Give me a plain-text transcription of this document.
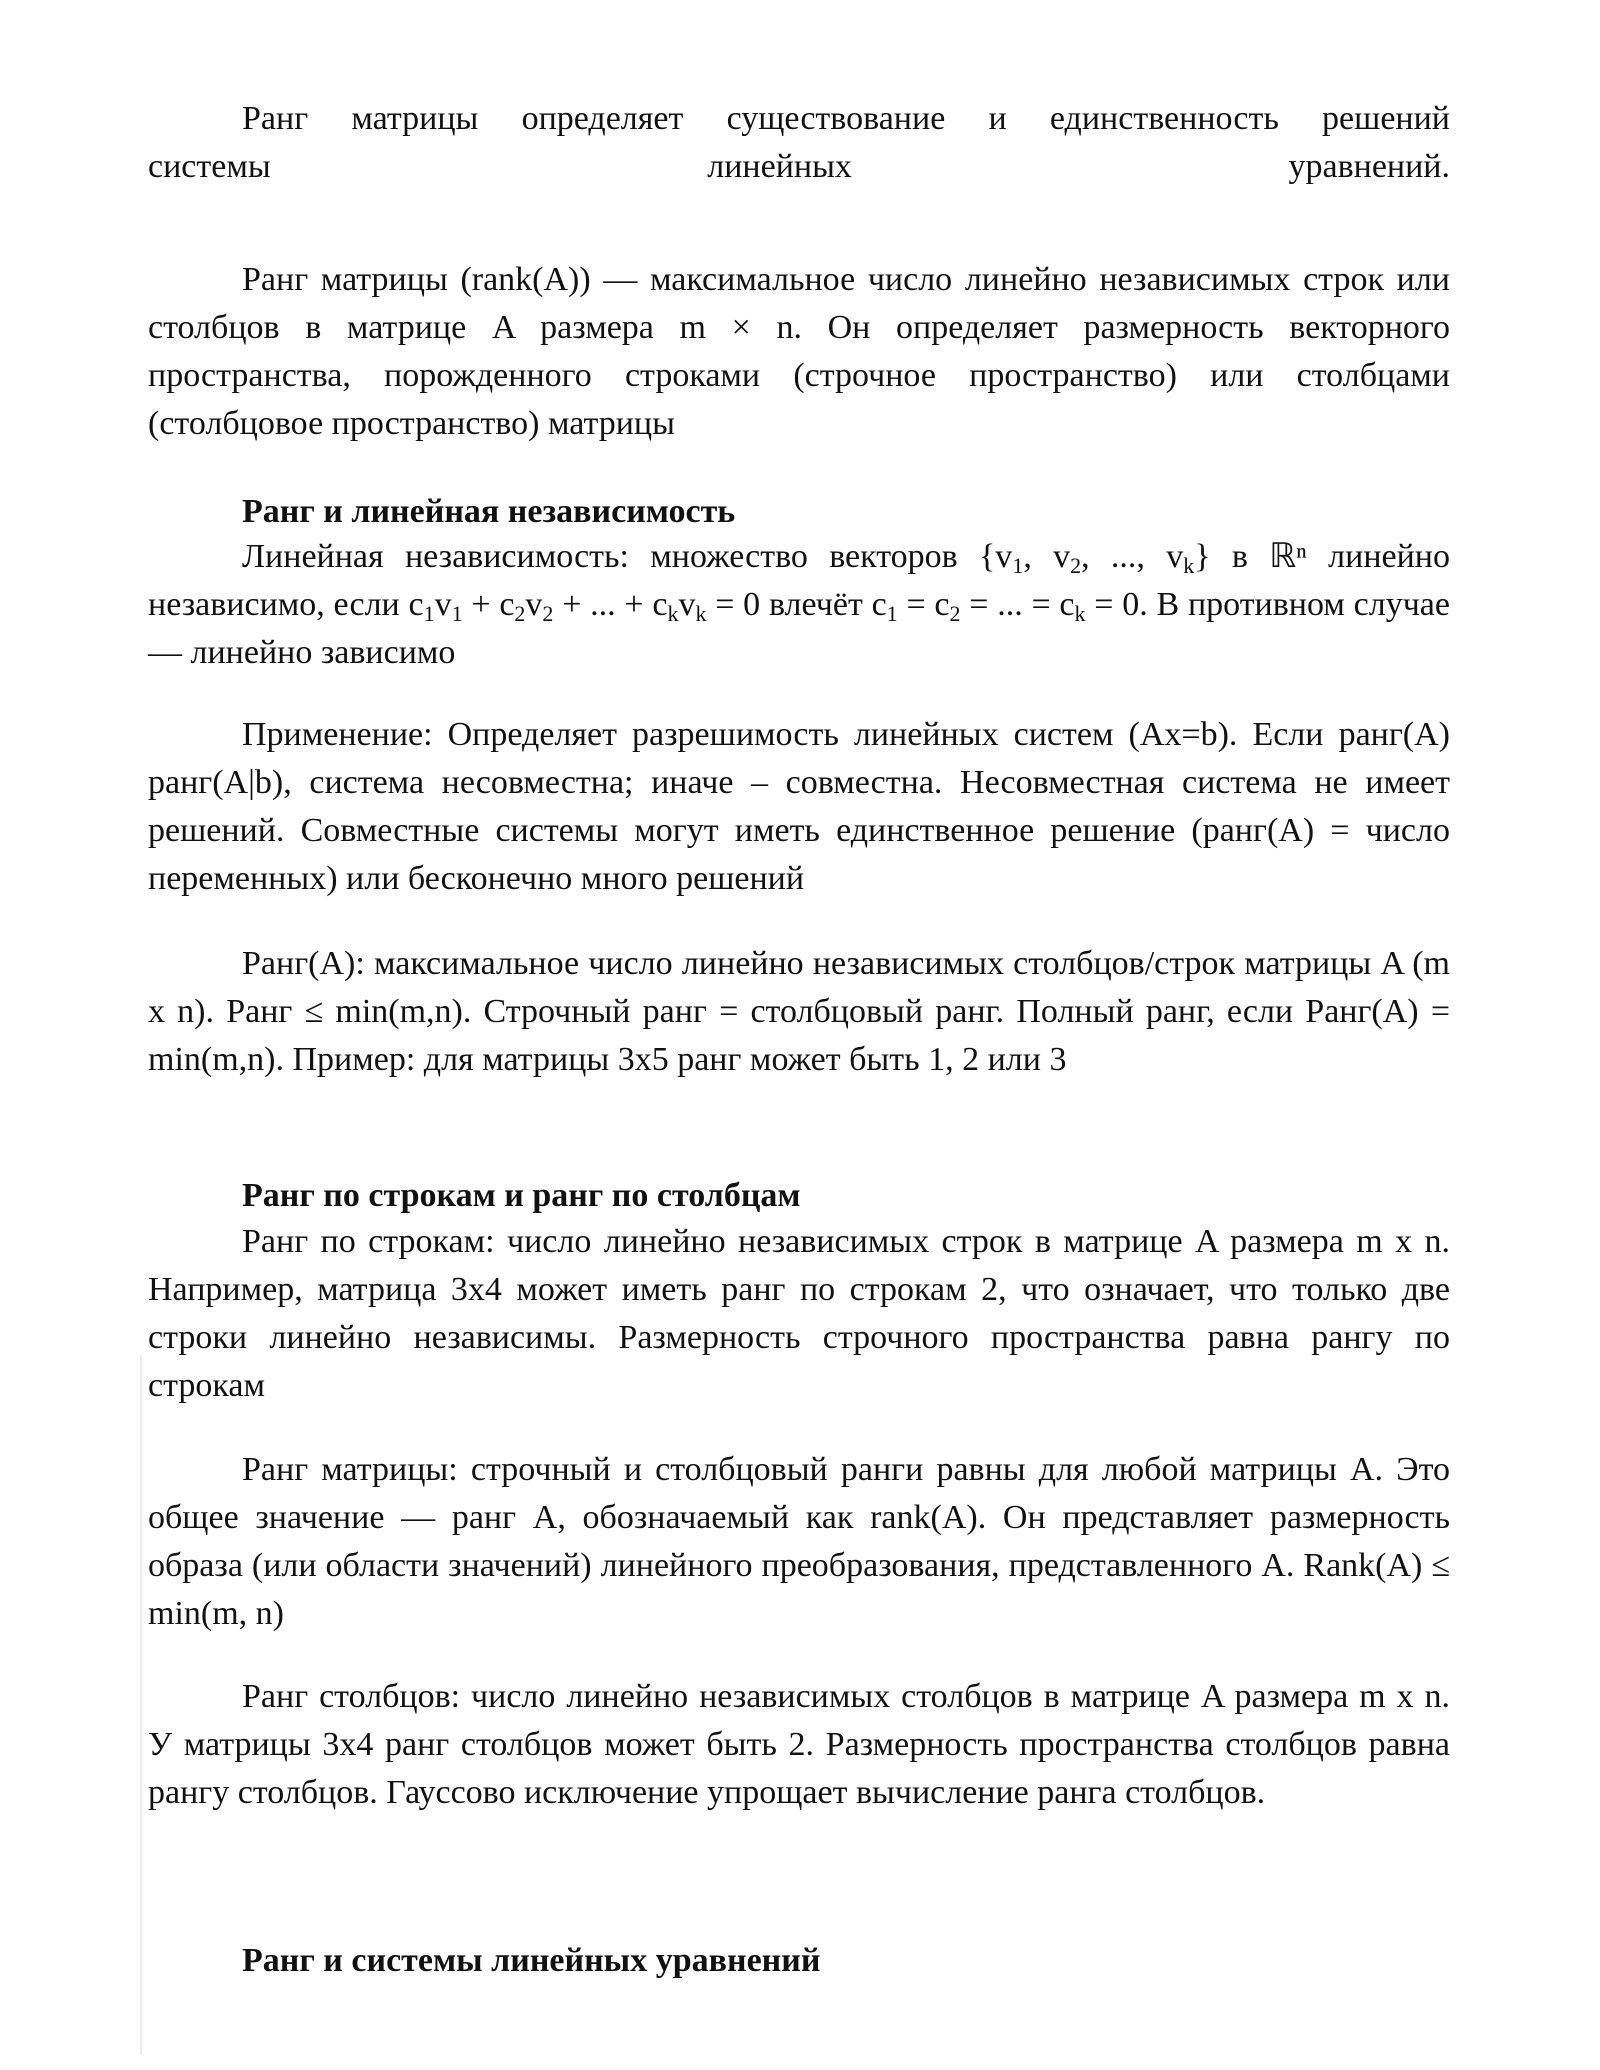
Ранг матрицы определяет существование и единственность решений
системы линейных уравнений.

Ранг матрицы (rank(A)) — максимальное число линейно независимых строк или столбцов в матрице A размера m × n. Он определяет размерность векторного пространства, порожденного строками (строчное пространство) или столбцами (столбцовое пространство) матрицы

Ранг и линейная независимость

Линейная независимость: множество векторов {$v_1$, $v_2$, ..., $v_k$} в ℝⁿ линейно независимо, если $c_1v_1 + c_2v_2$ + ... + $c_kv_k = 0$ влечёт $c_1 = c_2$ = ... = $c_k = 0$. В противном случае — линейно зависимо

Применение: Определяет разрешимость линейных систем (Ax=b). Если ранг(A) ранг(A|b), система несовместна; иначе – совместна. Несовместная система не имеет решений. Совместные системы могут иметь единственное решение (ранг(A) = число переменных) или бесконечно много решений

Ранг(A): максимальное число линейно независимых столбцов/строк матрицы A (m x n). Ранг ≤ min(m,n). Строчный ранг = столбцовый ранг. Полный ранг, если Ранг(A) = min(m,n). Пример: для матрицы 3x5 ранг может быть 1, 2 или 3

Ранг по строкам и ранг по столбцам

Ранг по строкам: число линейно независимых строк в матрице A размера m x n. Например, матрица 3x4 может иметь ранг по строкам 2, что означает, что только две строки линейно независимы. Размерность строчного пространства равна рангу по строкам

Ранг матрицы: строчный и столбцовый ранги равны для любой матрицы A. Это общее значение — ранг A, обозначаемый как rank(A). Он представляет размерность образа (или области значений) линейного преобразования, представленного A. Rank(A) ≤ min(m, n)

Ранг столбцов: число линейно независимых столбцов в матрице A размера m x n. У матрицы 3x4 ранг столбцов может быть 2. Размерность пространства столбцов равна рангу столбцов. Гауссово исключение упрощает вычисление ранга столбцов.

Ранг и системы линейных уравнений
